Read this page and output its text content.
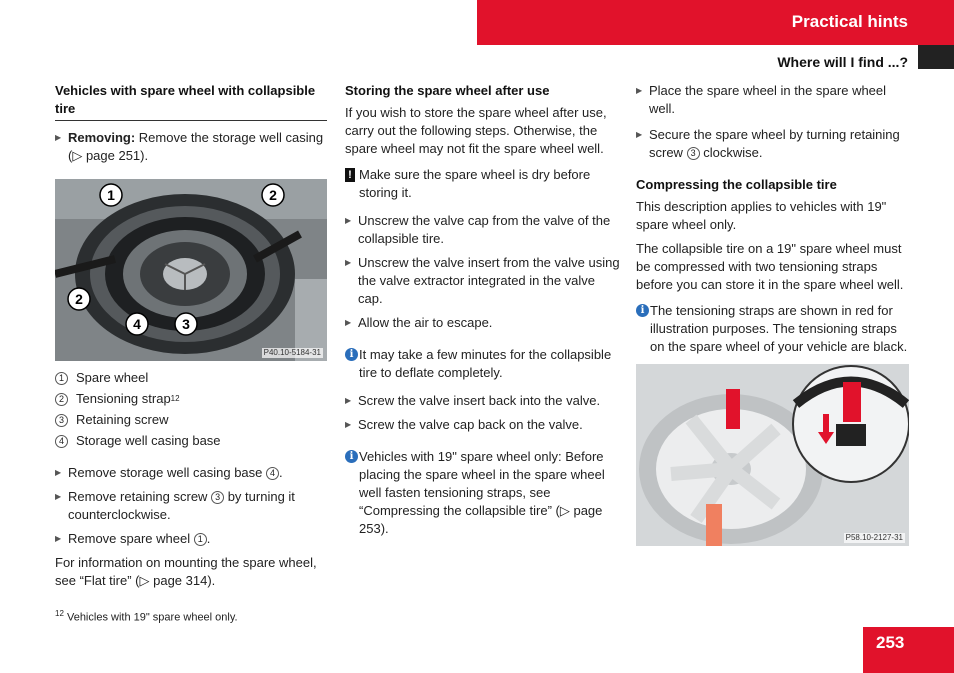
Practical hints
Where will I find ...?
Vehicles with spare wheel with collapsible tire
▶ Removing: Remove the storage well casing (▷ page 251).
1	2
2
4	3
P40.10-5184-31
1 Spare wheel
2 Tensioning strap 12
3 Retaining screw
4 Storage well casing base
▶ Remove storage well casing base 4 .
▶ Remove retaining screw 3 by turning it counterclockwise.
▶ Remove spare wheel 1 .

For information on mounting the spare wheel, see “Flat tire” (▷ page 314).

Storing the spare wheel after use

If you wish to store the spare wheel after use, carry out the following steps. Otherwise, the spare wheel may not fit the spare wheel well.

! Make sure the spare wheel is dry before storing it.
▶ Unscrew the valve cap from the valve of the collapsible tire.
▶ Unscrew the valve insert from the valve using the valve extractor integrated in the valve cap.
▶ Allow the air to escape.
i It may take a few minutes for the collapsible tire to deflate completely.
▶ Screw the valve insert back into the valve.
▶ Screw the valve cap back on the valve.
i Vehicles with 19" spare wheel only: Before placing the spare wheel in the spare wheel well fasten tensioning straps, see “Compressing the collapsible tire” (▷ page 253).
▶ Place the spare wheel in the spare wheel well.
▶ Secure the spare wheel by turning retaining screw 3 clockwise.
Compressing the collapsible tire

This description applies to vehicles with 19" spare wheel only.

The collapsible tire on a 19" spare wheel must be compressed with two tensioning straps before you can store it in the spare wheel well.

i The tensioning straps are shown in red for illustration purposes. The tensioning straps on the spare wheel of your vehicle are black.
P58.10-2127-31
$^{12}$ Vehicles with 19" spare wheel only.
253
